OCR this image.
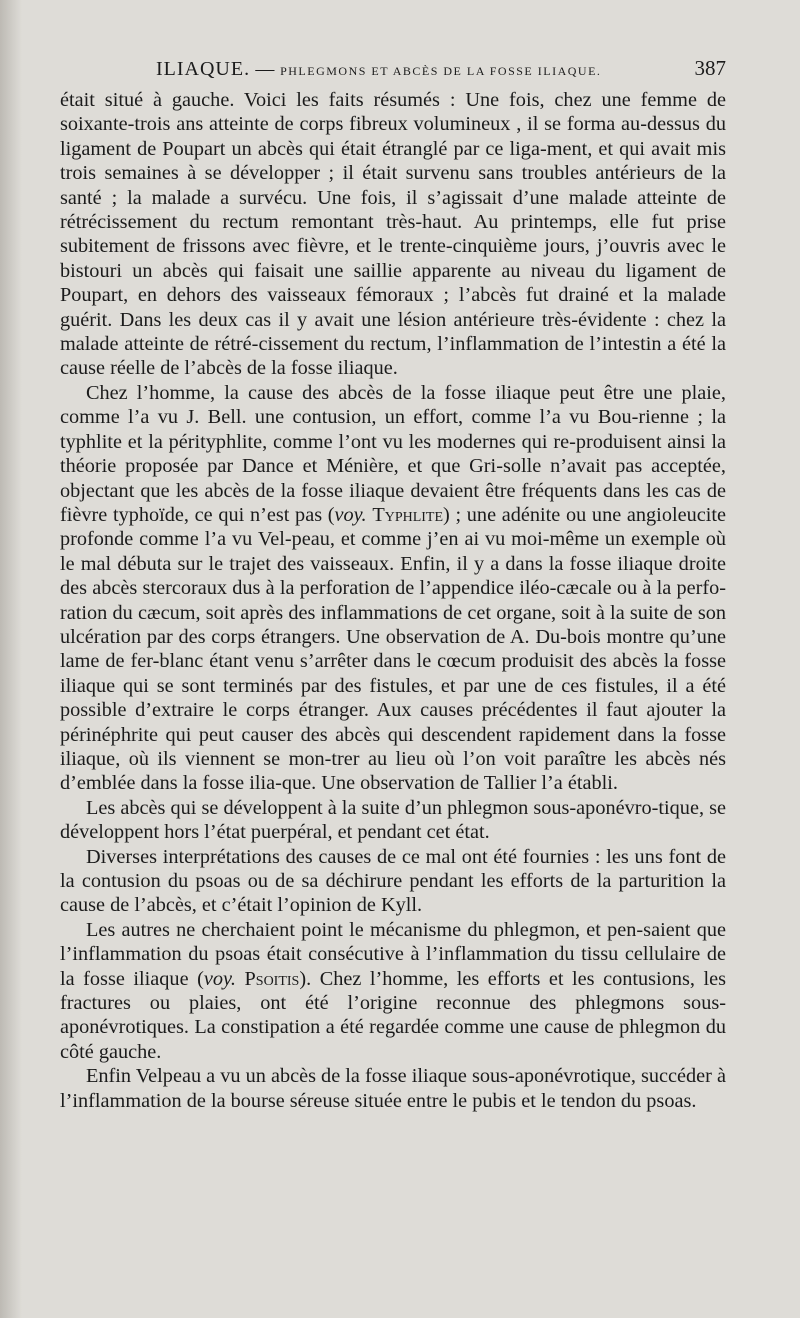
ILIAQUE. — PHLEGMONS ET ABCÈS DE LA FOSSE ILIAQUE.	387

était situé à gauche. Voici les faits résumés : Une fois, chez une femme de soixante-trois ans atteinte de corps fibreux volumineux , il se forma au-dessus du ligament de Poupart un abcès qui était étranglé par ce liga-ment, et qui avait mis trois semaines à se développer ; il était survenu sans troubles antérieurs de la santé ; la malade a survécu. Une fois, il s’agissait d’une malade atteinte de rétrécissement du rectum remontant très-haut. Au printemps, elle fut prise subitement de frissons avec fièvre, et le trente-cinquième jours, j’ouvris avec le bistouri un abcès qui faisait une saillie apparente au niveau du ligament de Poupart, en dehors des vaisseaux fémoraux ; l’abcès fut drainé et la malade guérit. Dans les deux cas il y avait une lésion antérieure très-évidente : chez la malade atteinte de rétré-cissement du rectum, l’inflammation de l’intestin a été la cause réelle de l’abcès de la fosse iliaque.

Chez l’homme, la cause des abcès de la fosse iliaque peut être une plaie, comme l’a vu J. Bell. une contusion, un effort, comme l’a vu Bou-rienne ; la typhlite et la pérityphlite, comme l’ont vu les modernes qui re-produisent ainsi la théorie proposée par Dance et Ménière, et que Gri-solle n’avait pas acceptée, objectant que les abcès de la fosse iliaque devaient être fréquents dans les cas de fièvre typhoïde, ce qui n’est pas (voy. Typhlite) ; une adénite ou une angioleucite profonde comme l’a vu Vel-peau, et comme j’en ai vu moi-même un exemple où le mal débuta sur le trajet des vaisseaux. Enfin, il y a dans la fosse iliaque droite des abcès stercoraux dus à la perforation de l’appendice iléo-cæcale ou à la perfo-ration du cæcum, soit après des inflammations de cet organe, soit à la suite de son ulcération par des corps étrangers. Une observation de A. Du-bois montre qu’une lame de fer-blanc étant venu s’arrêter dans le cœcum produisit des abcès la fosse iliaque qui se sont terminés par des fistules, et par une de ces fistules, il a été possible d’extraire le corps étranger. Aux causes précédentes il faut ajouter la périnéphrite qui peut causer des abcès qui descendent rapidement dans la fosse iliaque, où ils viennent se mon-trer au lieu où l’on voit paraître les abcès nés d’emblée dans la fosse ilia-que. Une observation de Tallier l’a établi.

Les abcès qui se développent à la suite d’un phlegmon sous-aponévro-tique, se développent hors l’état puerpéral, et pendant cet état.

Diverses interprétations des causes de ce mal ont été fournies : les uns font de la contusion du psoas ou de sa déchirure pendant les efforts de la parturition la cause de l’abcès, et c’était l’opinion de Kyll.

Les autres ne cherchaient point le mécanisme du phlegmon, et pen-saient que l’inflammation du psoas était consécutive à l’inflammation du tissu cellulaire de la fosse iliaque (voy. Psoitis). Chez l’homme, les efforts et les contusions, les fractures ou plaies, ont été l’origine reconnue des phlegmons sous-aponévrotiques. La constipation a été regardée comme une cause de phlegmon du côté gauche.

Enfin Velpeau a vu un abcès de la fosse iliaque sous-aponévrotique, succéder à l’inflammation de la bourse séreuse située entre le pubis et le tendon du psoas.
